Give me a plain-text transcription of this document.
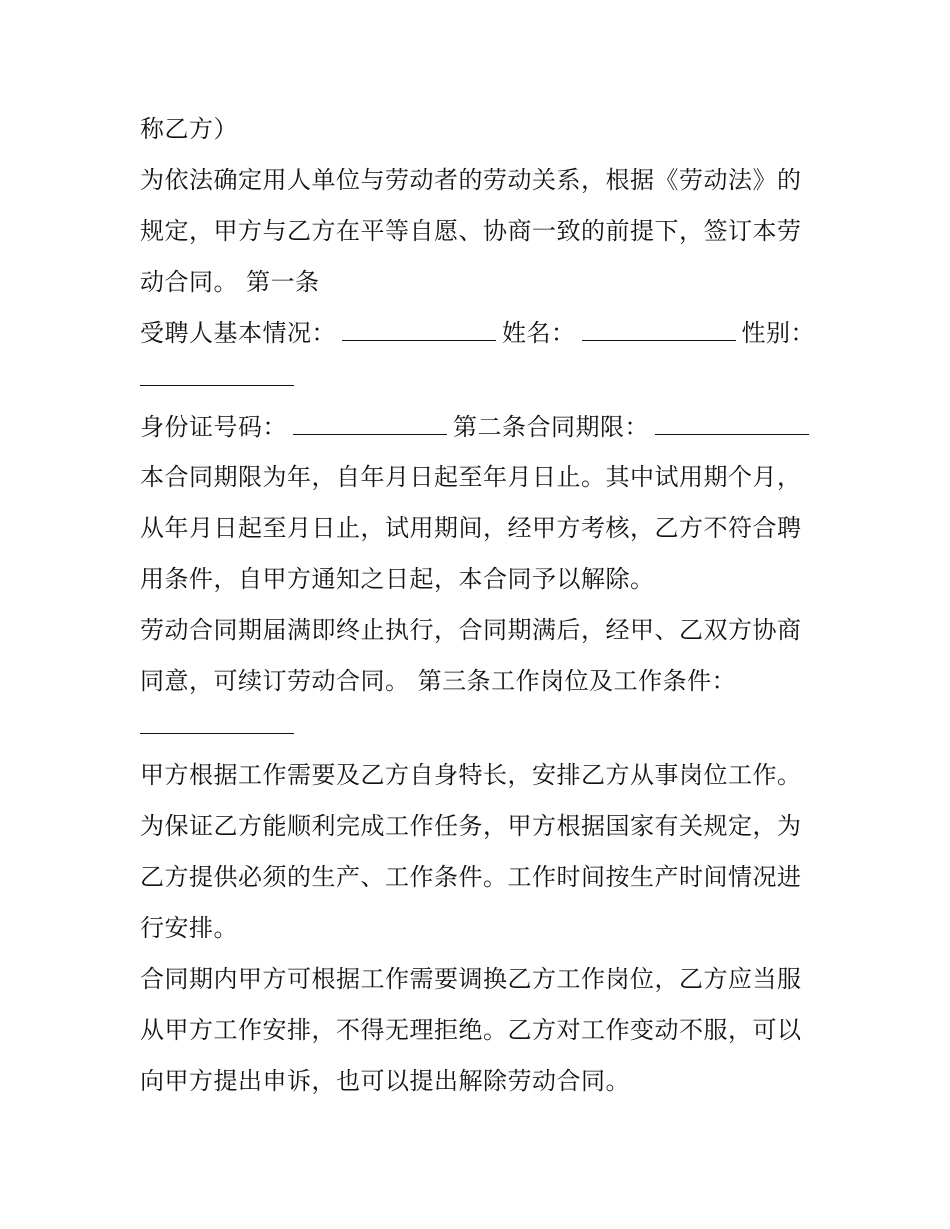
称乙方）
为依法确定用人单位与劳动者的劳动关系，根据《劳动法》的
规定，甲方与乙方在平等自愿、协商一致的前提下，签订本劳
动合同。 第一条
受聘人基本情况：	姓名：	性别：
身份证号码：	第二条合同期限：
本合同期限为年，自年月日起至年月日止。其中试用期个月，
从年月日起至月日止，试用期间，经甲方考核，乙方不符合聘
用条件，自甲方通知之日起，本合同予以解除。
劳动合同期届满即终止执行，合同期满后，经甲、乙双方协商
同意，可续订劳动合同。 第三条工作岗位及工作条件：
甲方根据工作需要及乙方自身特长，安排乙方从事岗位工作。
为保证乙方能顺利完成工作任务，甲方根据国家有关规定，为
乙方提供必须的生产、工作条件。工作时间按生产时间情况进
行安排。
合同期内甲方可根据工作需要调换乙方工作岗位，乙方应当服
从甲方工作安排，不得无理拒绝。乙方对工作变动不服，可以
向甲方提出申诉，也可以提出解除劳动合同。
